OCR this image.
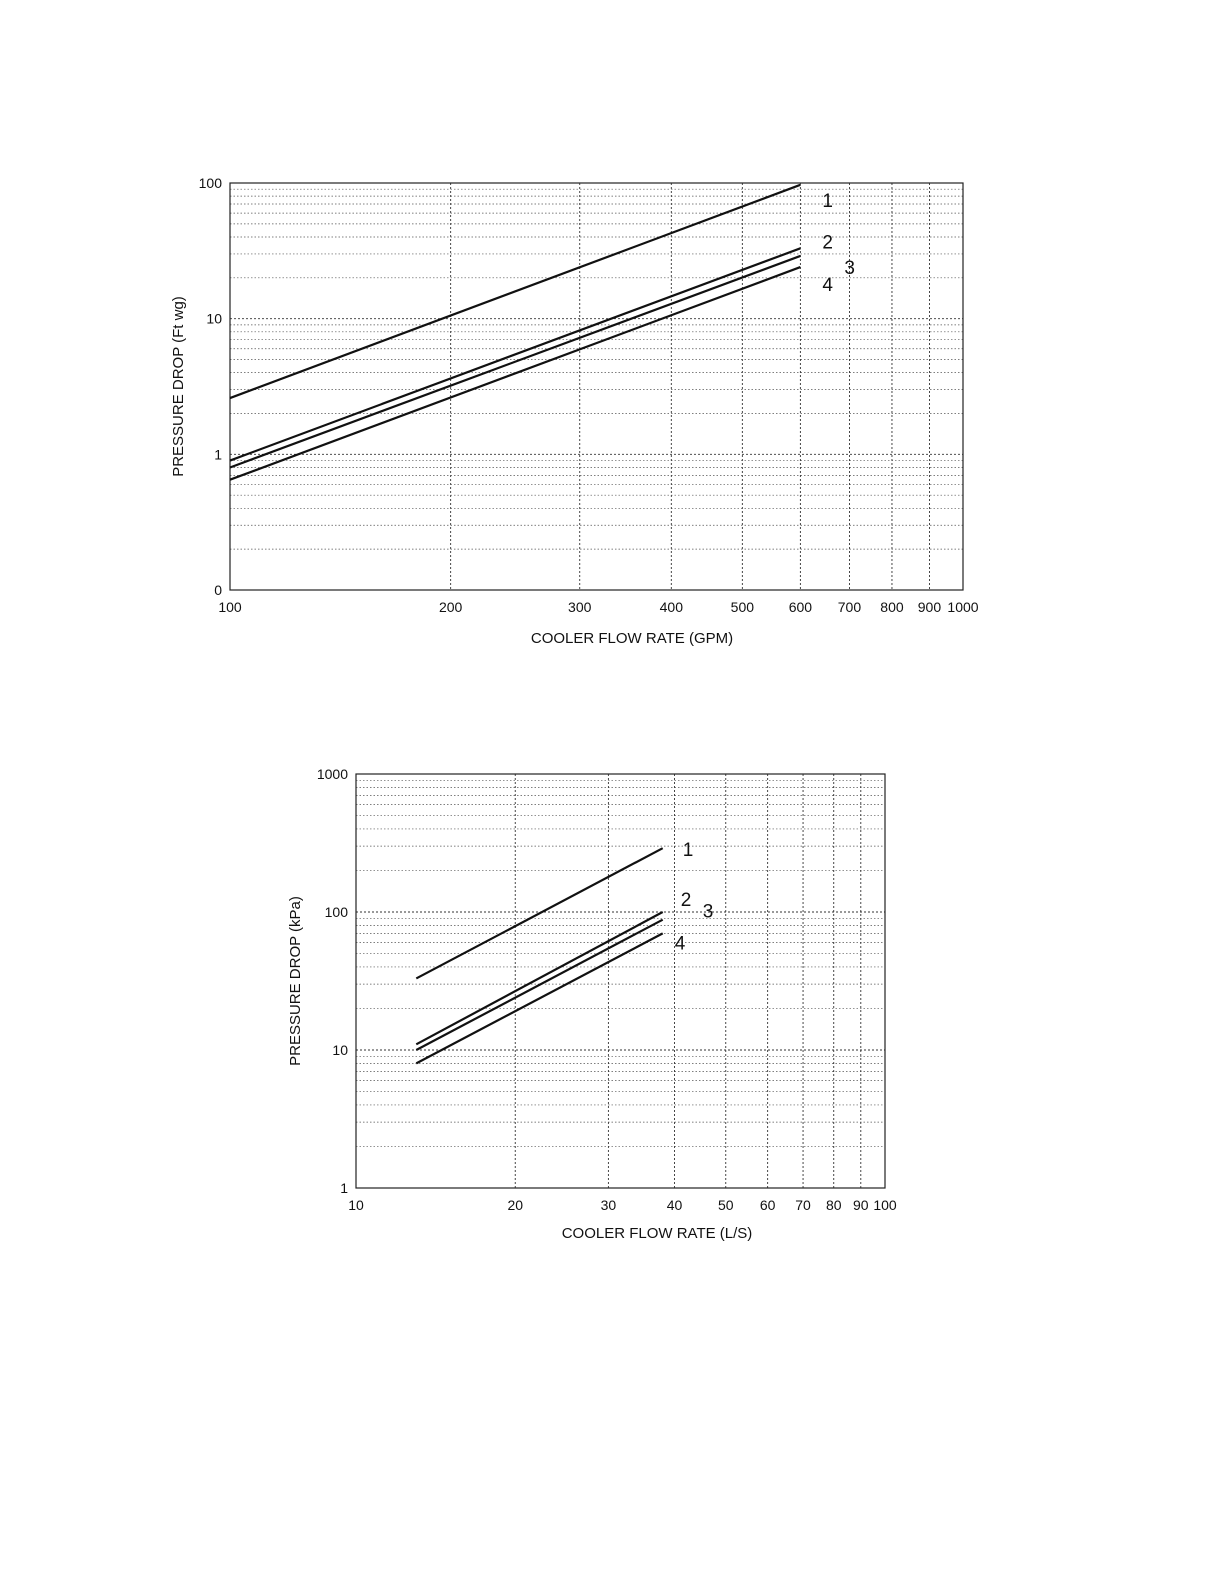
100	200	300	400	500 600 700 800 900 1000
0
1
10
100
1
2
3
4
COOLER FLOW RATE (GPM)
PRESSURE DROP (Ft wg)
10	20	30	40	50 60 70 80 90 100
1
10
100
1000
1
2
3
4
COOLER FLOW RATE (L/S)
PRESSURE DROP (kPa)
